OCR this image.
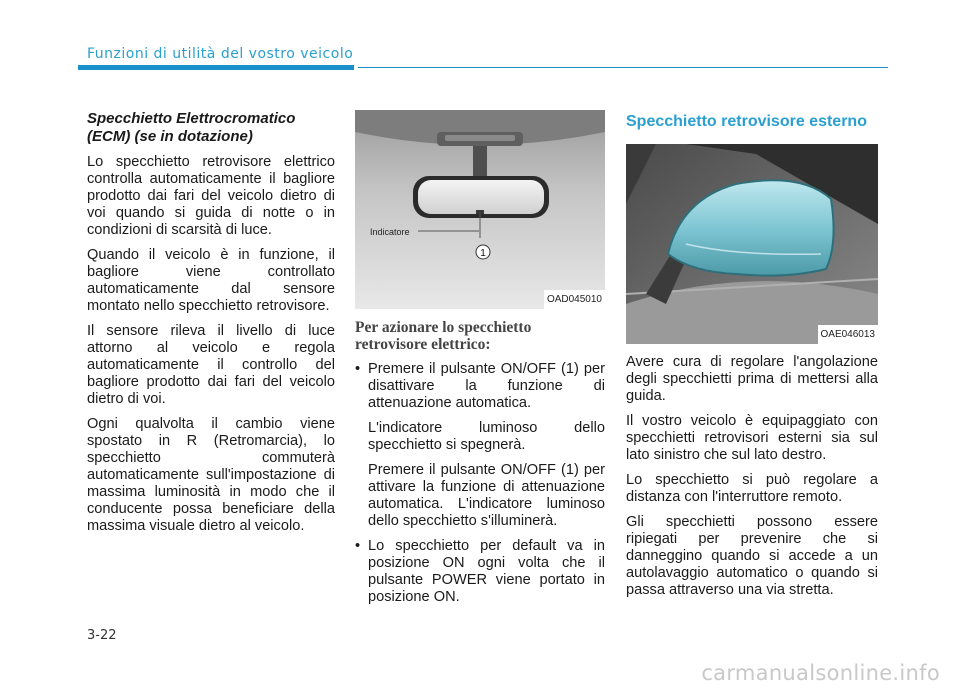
Funzioni di utilità del vostro veicolo
Specchietto Elettrocromatico (ECM) (se in dotazione)

Lo specchietto retrovisore elettrico controlla automaticamente il bagliore prodotto dai fari del veicolo dietro di voi quando si guida di notte o in condizioni di scarsità di luce.

Quando il veicolo è in funzione, il bagliore viene controllato automaticamente dal sensore montato nello specchietto retrovisore.

Il sensore rileva il livello di luce attorno al veicolo e regola automaticamente il controllo del bagliore prodotto dai fari del veicolo dietro di voi.

Ogni qualvolta il cambio viene spostato in R (Retromarcia), lo specchietto commuterà automaticamente sull'impostazione di massima luminosità in modo che il conducente possa beneficiare della massima visuale dietro al veicolo.

1
Indicatore
OAD045010
Per azionare lo specchietto retrovisore elettrico:
• Premere il pulsante ON/OFF (1) per disattivare la funzione di attenuazione automatica.

L'indicatore luminoso dello specchietto si spegnerà.

Premere il pulsante ON/OFF (1) per attivare la funzione di attenuazione automatica. L'indicatore luminoso dello specchietto s'illuminerà.

• Lo specchietto per default va in posizione ON ogni volta che il pulsante POWER viene portato in posizione ON.

Specchietto retrovisore esterno
OAE046013

Avere cura di regolare l'angolazione degli specchietti prima di mettersi alla guida.

Il vostro veicolo è equipaggiato con specchietti retrovisori esterni sia sul lato sinistro che sul lato destro.

Lo specchietto si può regolare a distanza con l'interruttore remoto.

Gli specchietti possono essere ripiegati per prevenire che si danneggino quando si accede a un autolavaggio automatico o quando si passa attraverso una via stretta.

3-22
carmanualsonline.info
